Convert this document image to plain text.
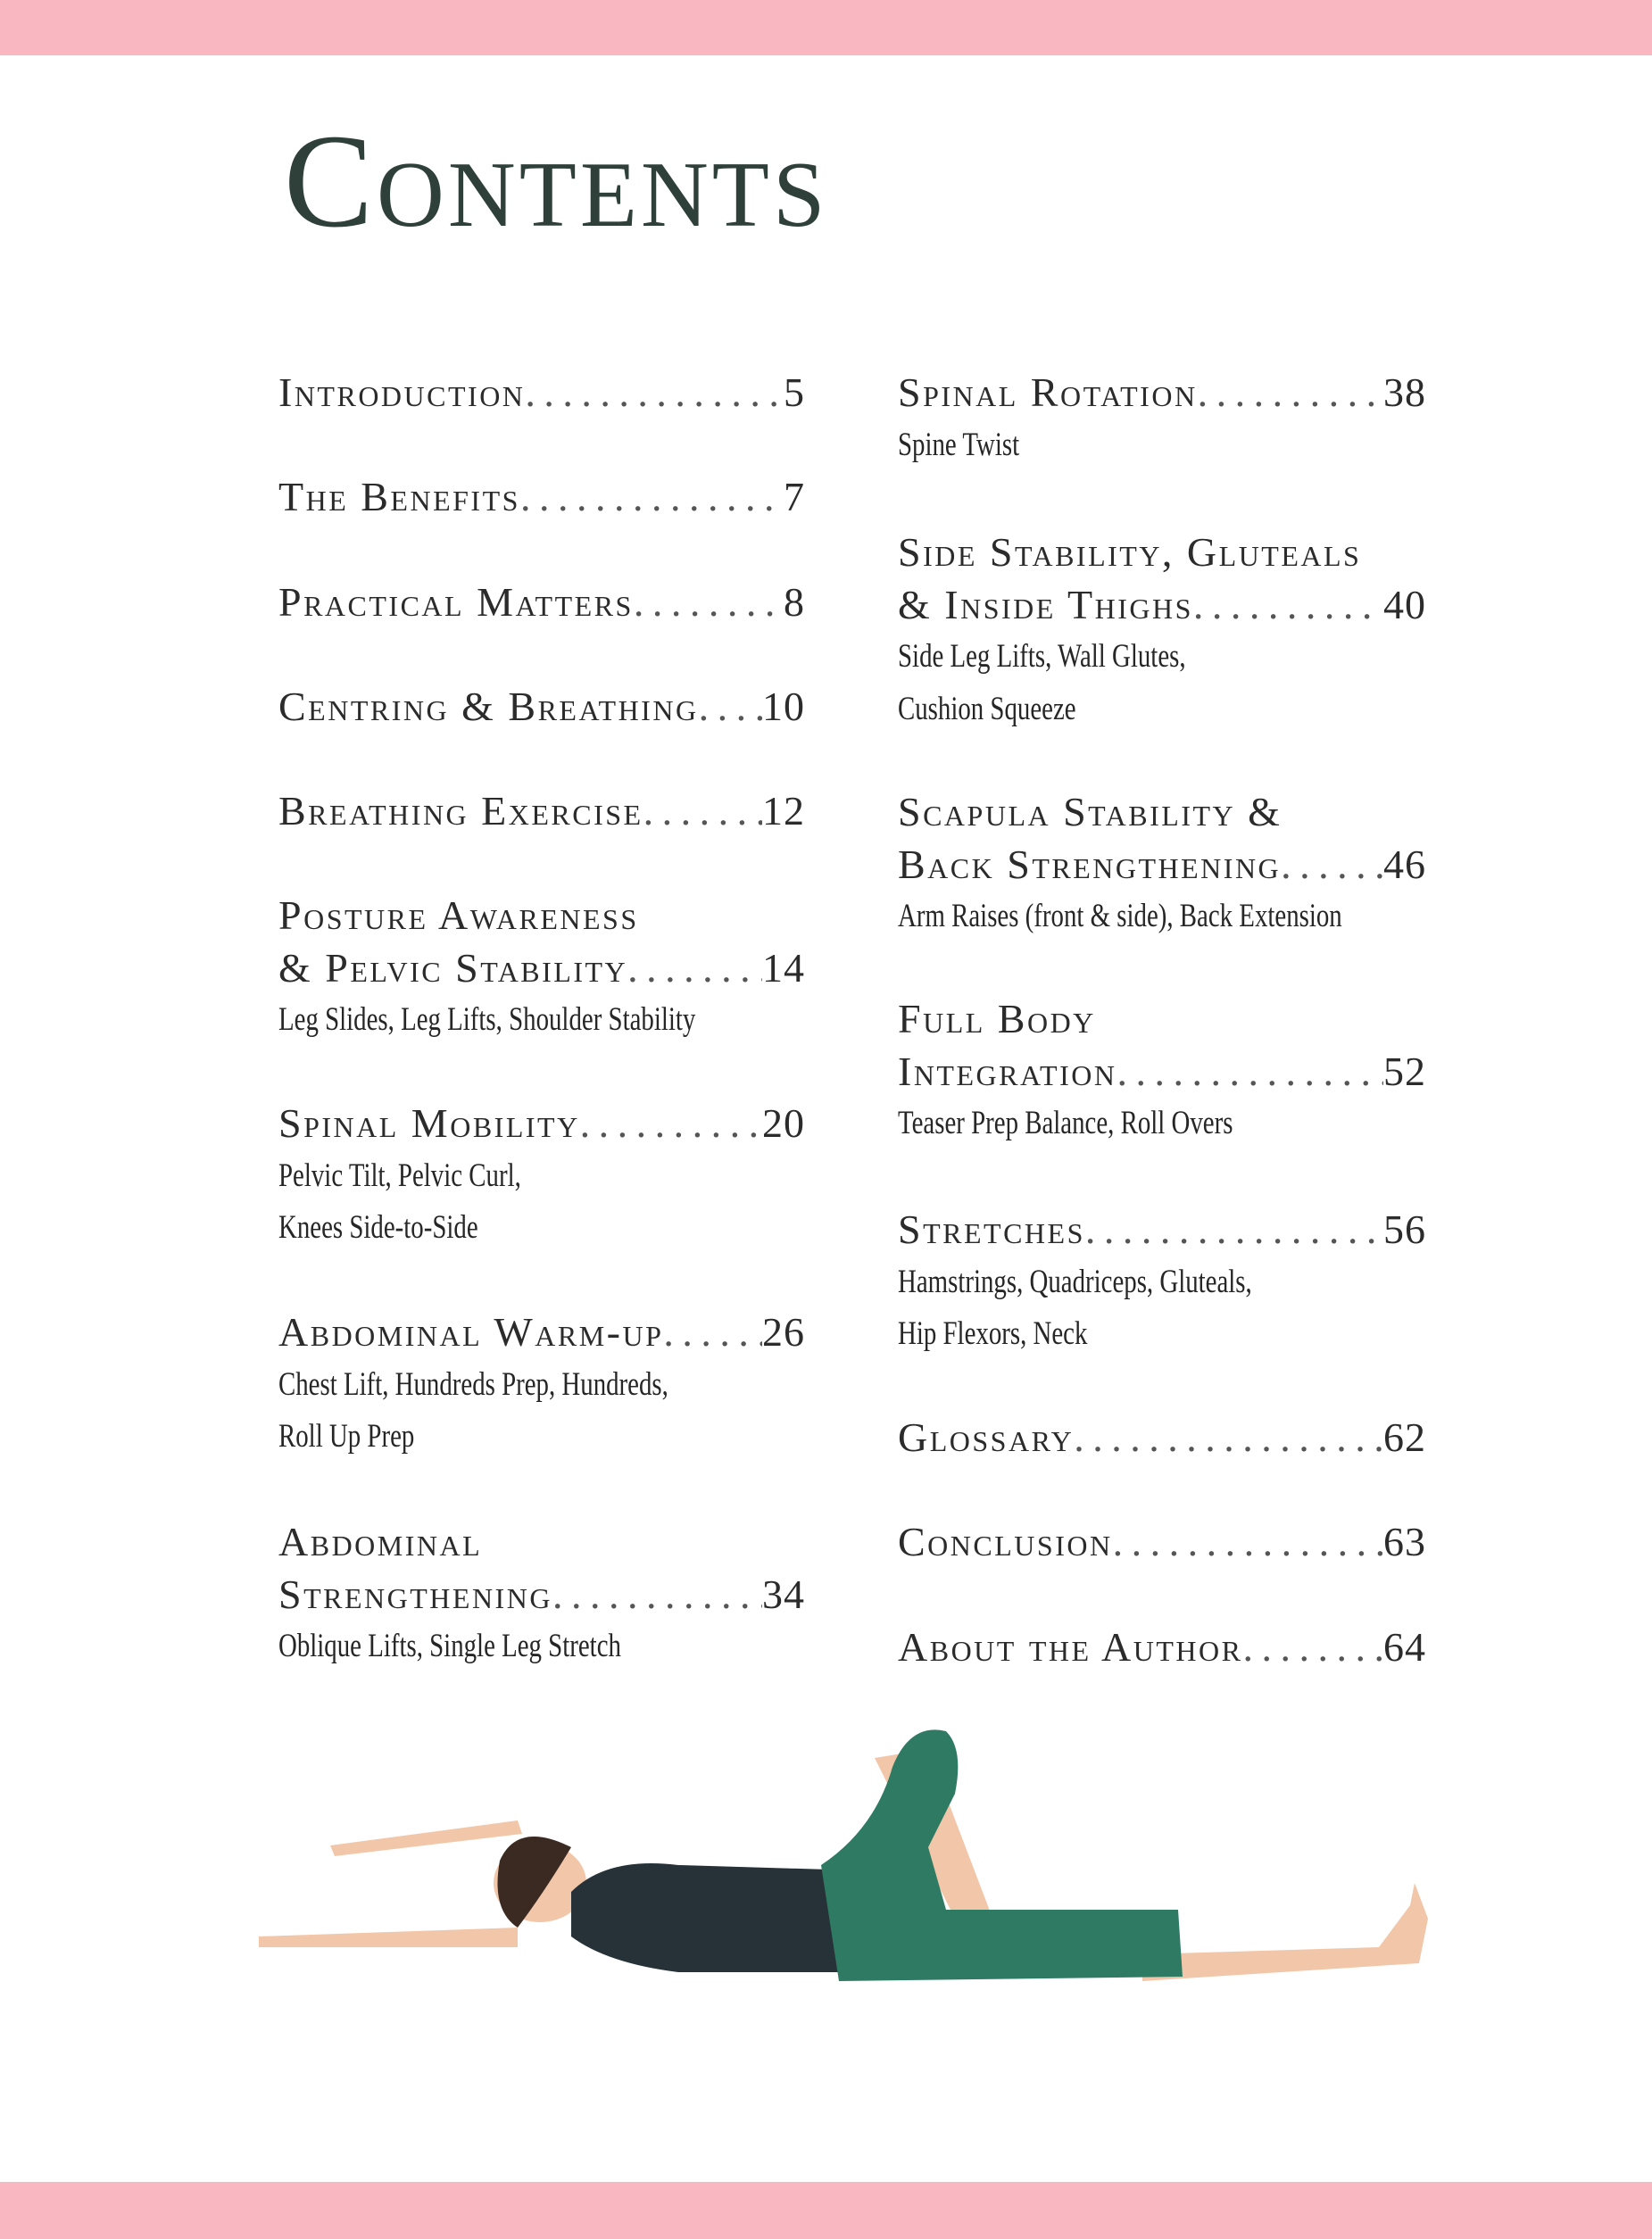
Contents
Introduction . . .	5
The Benefits . . .	7
Practical Matters . . .	8
Centring & Breathing . . . 10
Breathing Exercise . . .	12
Posture Awareness
& Pelvic Stability . . .	14
Leg Slides, Leg Lifts, Shoulder Stability
Spinal Mobility . . .	20
Pelvic Tilt, Pelvic Curl,
Knees Side-to-Side
Abdominal Warm-up . . . 26
Chest Lift, Hundreds Prep, Hundreds,
Roll Up Prep
Abdominal
Strengthening . . .	34
Oblique Lifts, Single Leg Stretch
Spinal Rotation . . .	38
Spine Twist
Side Stability, Gluteals
& Inside Thighs . . .	40
Side Leg Lifts, Wall Glutes,
Cushion Squeeze
Scapula Stability &
Back Strengthening . . . 46
Arm Raises (front & side), Back Extension
Full Body
Integration . . .	52
Teaser Prep Balance, Roll Overs
Stretches . . .	56
Hamstrings, Quadriceps, Gluteals,
Hip Flexors, Neck
Glossary . . .	62
Conclusion . . .	63
About the Author . . .	64
